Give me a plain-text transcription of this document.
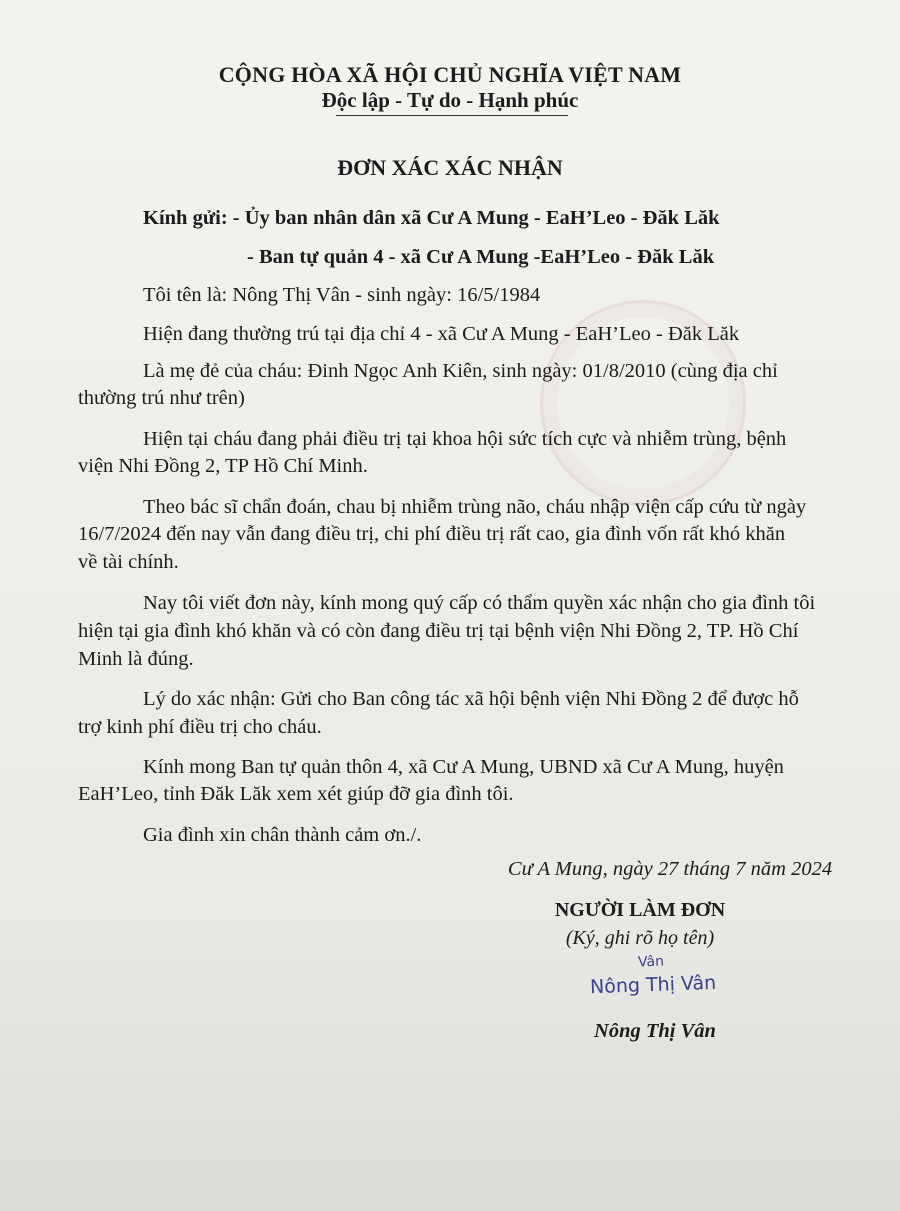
CỘNG HÒA XÃ HỘI CHỦ NGHĨA VIỆT NAM
Độc lập - Tự do - Hạnh phúc
ĐƠN XÁC XÁC NHẬN
Kính gửi: - Ủy ban nhân dân xã Cư A Mung - EaH’Leo - Đăk Lăk
- Ban tự quản 4 - xã Cư A Mung -EaH’Leo - Đăk Lăk
Tôi tên là: Nông Thị Vân - sinh ngày: 16/5/1984
Hiện đang thường trú tại địa chỉ 4 - xã Cư A Mung - EaH’Leo - Đăk Lăk
Là mẹ đẻ của cháu: Đinh Ngọc Anh Kiên, sinh ngày: 01/8/2010 (cùng địa chỉ
thường trú như trên)
Hiện tại cháu đang phải điều trị tại khoa hội sức tích cực và nhiễm trùng, bệnh
viện Nhi Đồng 2, TP Hồ Chí Minh.
Theo bác sĩ chẩn đoán, chau bị nhiễm trùng não, cháu nhập viện cấp cứu từ ngày
16/7/2024 đến nay vẫn đang điều trị, chi phí điều trị rất cao, gia đình vốn rất khó khăn
về tài chính.
Nay tôi viết đơn này, kính mong quý cấp có thẩm quyền xác nhận cho gia đình tôi
hiện tại gia đình khó khăn và có còn đang điều trị tại bệnh viện Nhi Đồng 2, TP. Hồ Chí
Minh là đúng.
Lý do xác nhận: Gửi cho Ban công tác xã hội bệnh viện Nhi Đồng 2 để được hỗ
trợ kinh phí điều trị cho cháu.
Kính mong Ban tự quản thôn 4, xã Cư A Mung, UBND xã Cư A Mung, huyện
EaH’Leo, tỉnh Đăk Lăk xem xét giúp đỡ gia đình tôi.
Gia đình xin chân thành cảm ơn./.
Cư A Mung, ngày 27 tháng 7 năm 2024
NGƯỜI LÀM ĐƠN
(Ký, ghi rõ họ tên)
Vân
Nông Thị Vân
Nông Thị Vân
